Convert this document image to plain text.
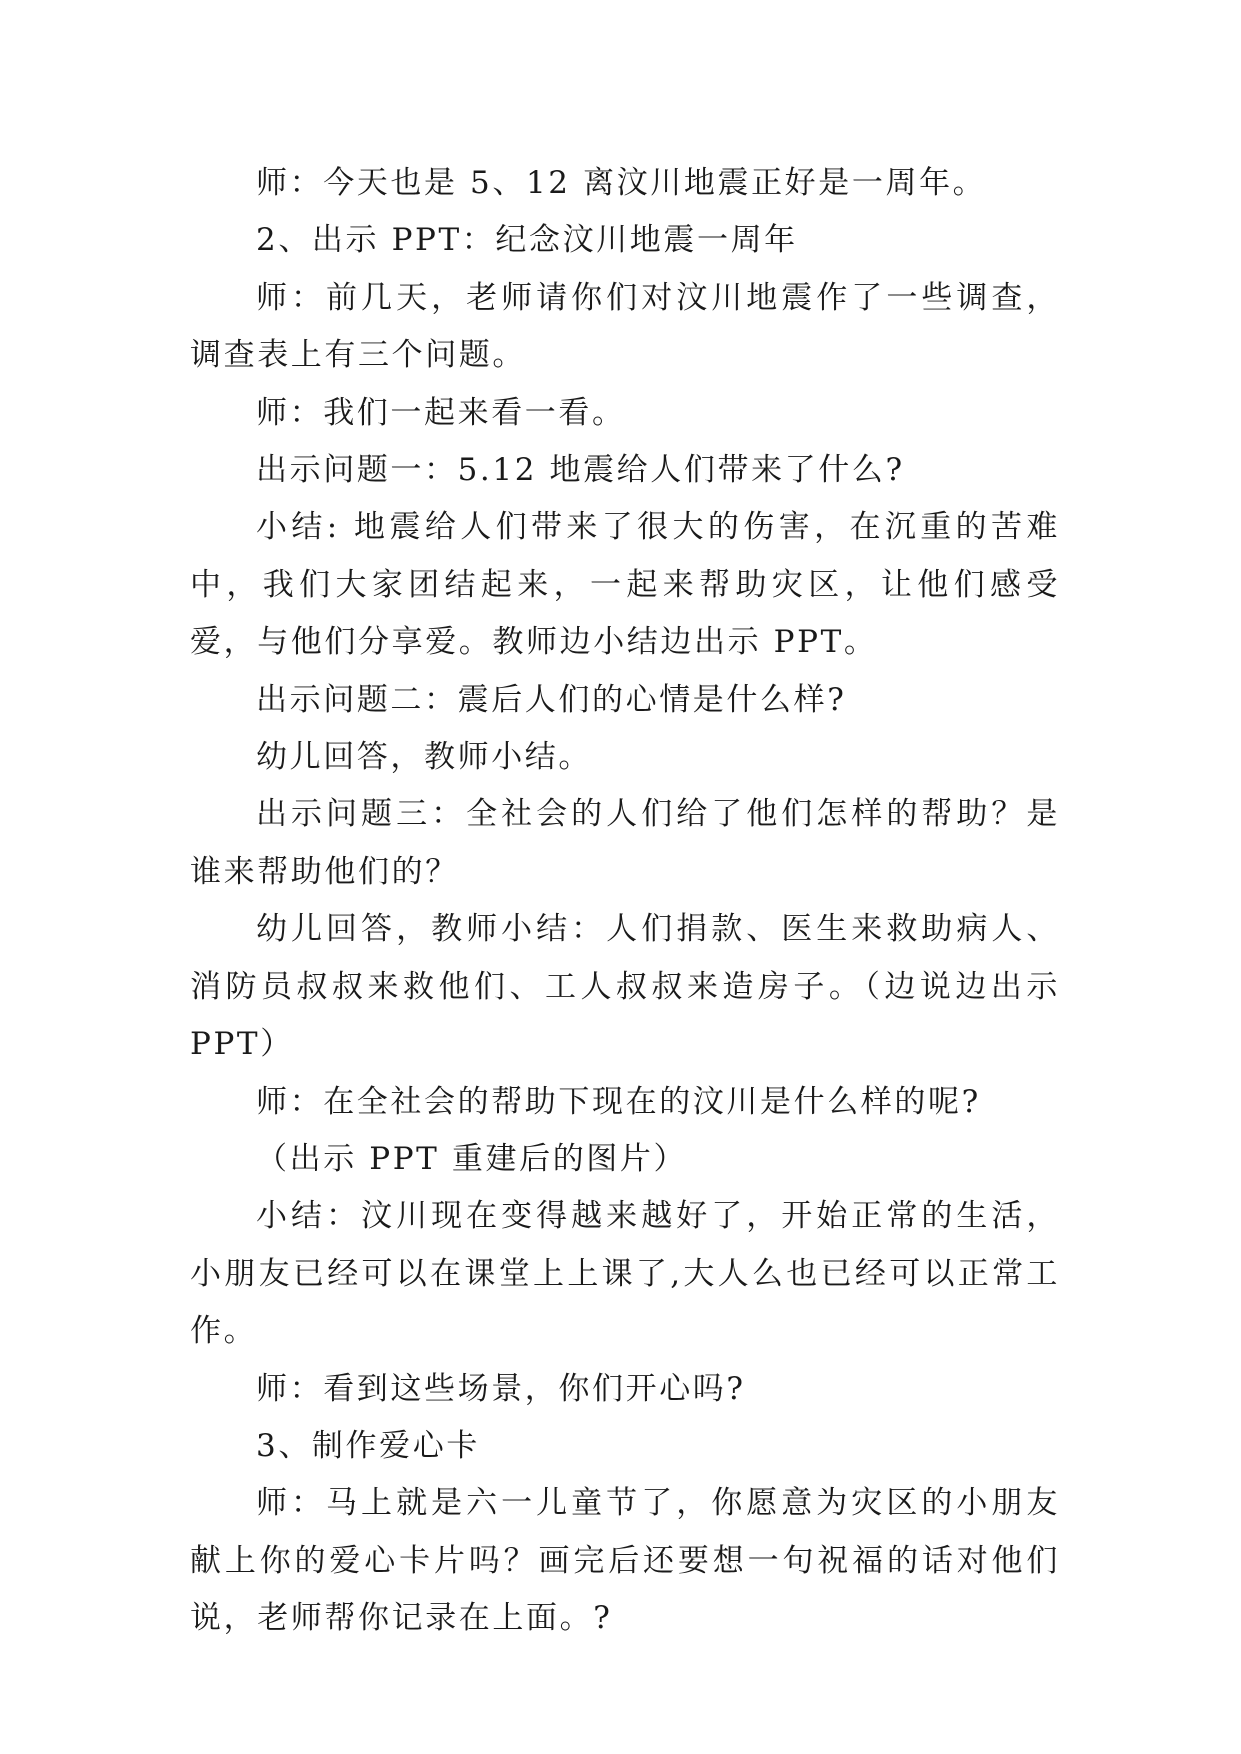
师：今天也是 5、12 离汶川地震正好是一周年。

2、出示 PPT：纪念汶川地震一周年

师：前几天，老师请你们对汶川地震作了一些调查，调查表上有三个问题。

师：我们一起来看一看。

出示问题一：5.12 地震给人们带来了什么?

小结: 地震给人们带来了很大的伤害，在沉重的苦难中，我们大家团结起来，一起来帮助灾区，让他们感受爱，与他们分享爱。教师边小结边出示 PPT。

出示问题二：震后人们的心情是什么样?

幼儿回答，教师小结。

出示问题三：全社会的人们给了他们怎样的帮助？是谁来帮助他们的？

幼儿回答，教师小结：人们捐款、医生来救助病人、消防员叔叔来救他们、工人叔叔来造房子。（边说边出示 PPT）

师：在全社会的帮助下现在的汶川是什么样的呢?

（出示 PPT 重建后的图片）

小结：汶川现在变得越来越好了，开始正常的生活，小朋友已经可以在课堂上上课了,大人么也已经可以正常工作。

师：看到这些场景，你们开心吗?

3、制作爱心卡

师：马上就是六一儿童节了，你愿意为灾区的小朋友献上你的爱心卡片吗？画完后还要想一句祝福的话对他们说，老师帮你记录在上面。?
